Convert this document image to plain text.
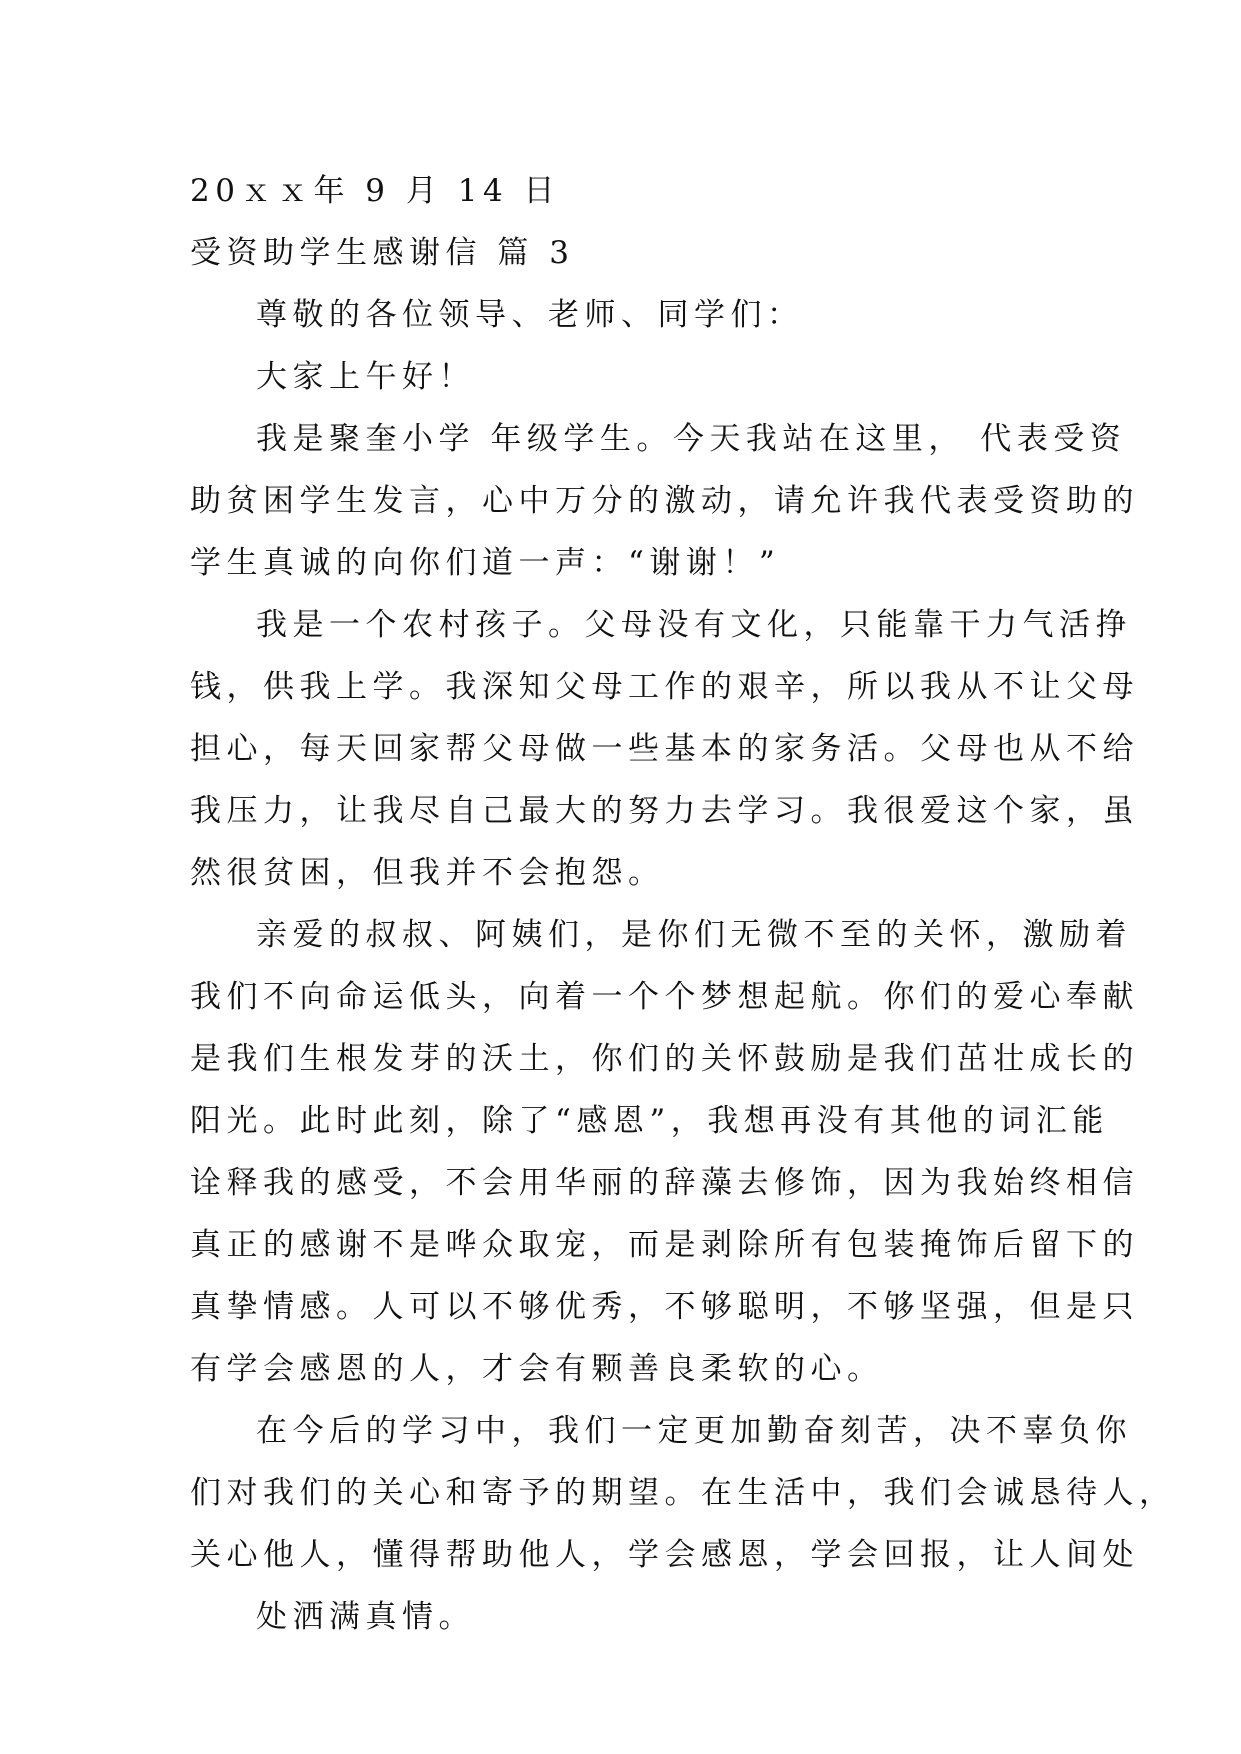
20ｘｘ年 9 月 14 日
受资助学生感谢信 篇 3
尊敬的各位领导、老师、同学们：
大家上午好！
我是聚奎小学 年级学生。今天我站在这里， 代表受资
助贫困学生发言，心中万分的激动，请允许我代表受资助的
学生真诚的向你们道一声：“谢谢！”
我是一个农村孩子。父母没有文化，只能靠干力气活挣
钱，供我上学。我深知父母工作的艰辛，所以我从不让父母
担心，每天回家帮父母做一些基本的家务活。父母也从不给
我压力，让我尽自己最大的努力去学习。我很爱这个家，虽
然很贫困，但我并不会抱怨。
亲爱的叔叔、阿姨们，是你们无微不至的关怀，激励着
我们不向命运低头，向着一个个梦想起航。你们的爱心奉献
是我们生根发芽的沃土，你们的关怀鼓励是我们茁壮成长的
阳光。此时此刻，除了“感恩”，我想再没有其他的词汇能
诠释我的感受，不会用华丽的辞藻去修饰，因为我始终相信
真正的感谢不是哗众取宠，而是剥除所有包装掩饰后留下的
真挚情感。人可以不够优秀，不够聪明，不够坚强，但是只
有学会感恩的人，才会有颗善良柔软的心。
在今后的学习中，我们一定更加勤奋刻苦，决不辜负你
们对我们的关心和寄予的期望。在生活中，我们会诚恳待人，
关心他人，懂得帮助他人，学会感恩，学会回报，让人间处
处洒满真情。
